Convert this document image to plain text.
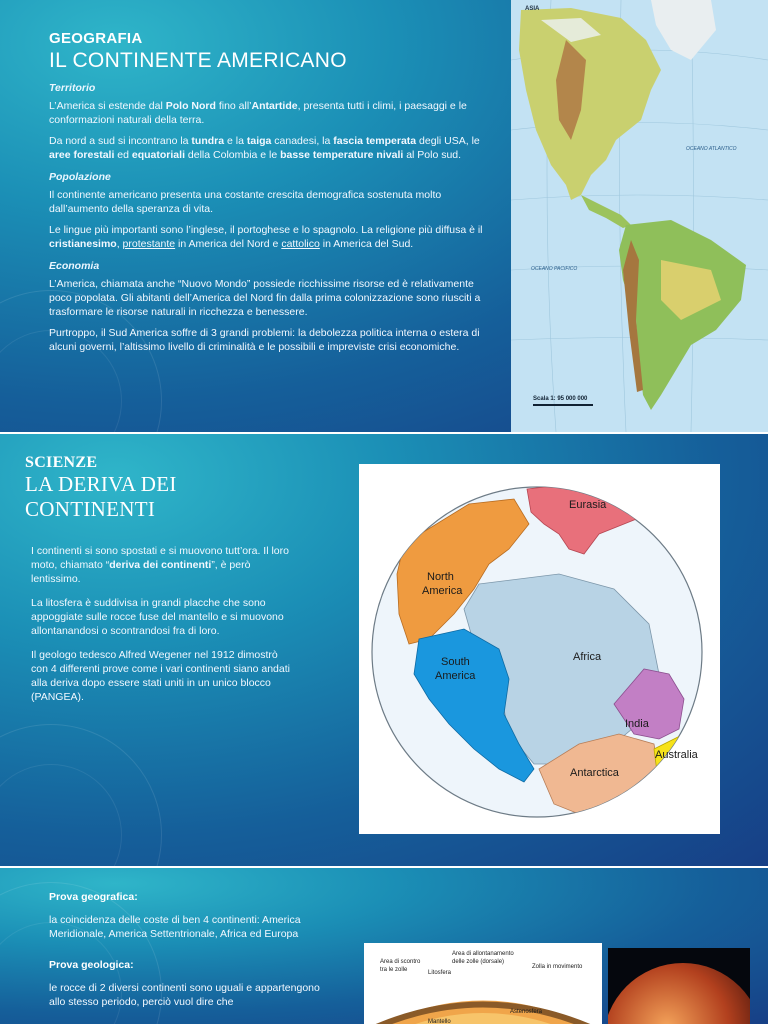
GEOGRAFIA
IL CONTINENTE AMERICANO
Territorio

L’America si estende dal Polo Nord fino all’Antartide, presenta tutti i climi, i paesaggi e le conformazioni naturali della terra.

Da nord a sud si incontrano la tundra e la taiga canadesi, la fascia temperata degli USA, le aree forestali ed equatoriali della Colombia e le basse temperature nivali al Polo sud.

Popolazione

Il continente americano presenta una costante crescita demografica sostenuta molto dall’aumento della speranza di vita.

Le lingue più importanti sono l’inglese, il portoghese e lo spagnolo. La religione più diffusa è il cristianesimo, protestante in America del Nord e cattolico in America del Sud.

Economia

L’America, chiamata anche “Nuovo Mondo” possiede ricchissime risorse ed è relativamente poco popolata. Gli abitanti dell’America del Nord fin dalla prima colonizzazione sono riusciti a trasformare le risorse naturali in ricchezza e benessere.

Purtroppo, il Sud America soffre di 3 grandi problemi: la debolezza politica interna o estera di alcuni governi, l’altissimo livello di criminalità e le possibili e impreviste crisi economiche.

ASIA
OCEANO ATLANTICO
OCEANO PACIFICO
Scala 1: 95 000 000
SCIENZE
LA DERIVA DEI
CONTINENTI

I continenti si sono spostati e si muovono tutt’ora. Il loro moto, chiamato “deriva dei continenti”, è però lentissimo.

La litosfera è suddivisa in grandi placche che sono appoggiate sulle rocce fuse del mantello e si muovono allontanandosi o scontrandosi fra di loro.

Il geologo tedesco Alfred Wegener nel 1912 dimostrò con 4 differenti prove come i vari continenti siano andati alla deriva dopo essere stati uniti in un unico blocco (PANGEA).

Eurasia
North
America
South
America
Africa
India
Australia
Antarctica
Prova geografica:

la coincidenza delle coste di ben 4 continenti: America Meridionale, America Settentrionale, Africa ed Europa

Prova geologica:

le rocce di 2 diversi continenti sono uguali e appartengono allo stesso periodo, perciò vuol dire che

Area di scontro
tra le zolle
Area di allontanamento
delle zolle (dorsale)
Litosfera
Zolla in movimento
Astenosfera
Mantello
